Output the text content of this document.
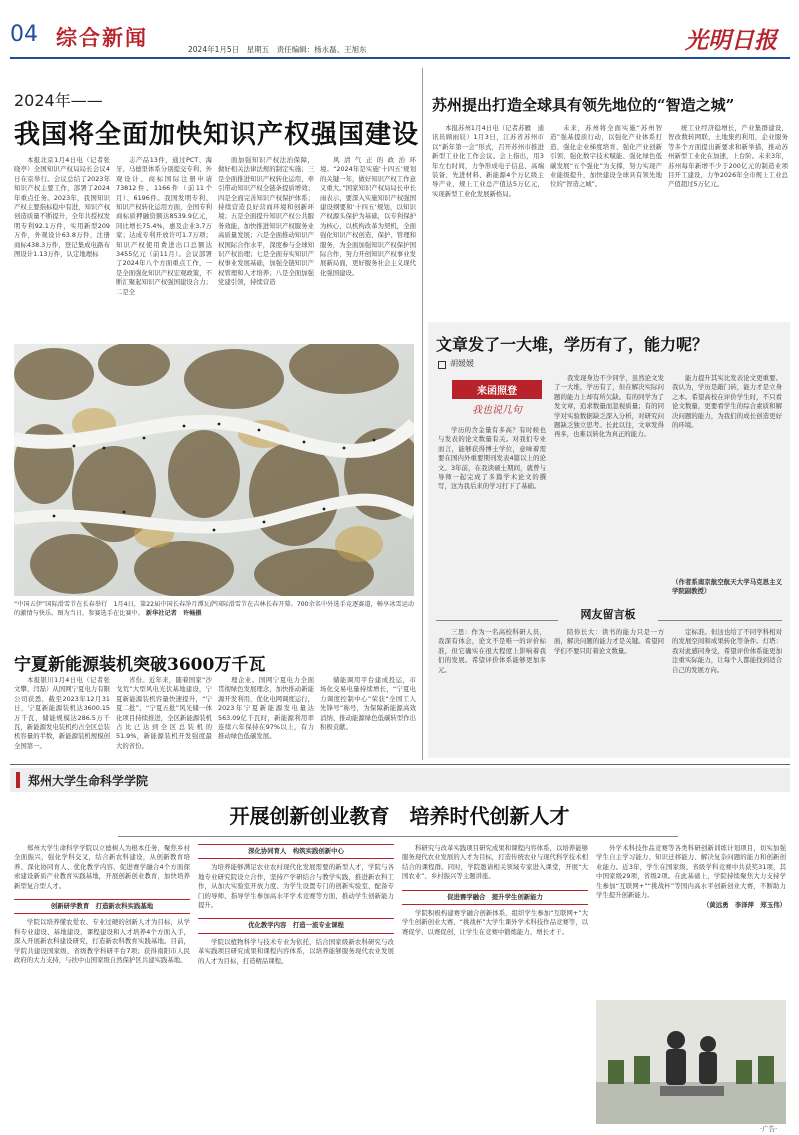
04 综合新闻	2024年1月5日　星期五　责任编辑：杨永磊、王旭东	光明日报
2024年——
我国将全面加快知识产权强国建设

本报北京1月4日电（记者张晓亭）全国知识产权局局长会议4日在京举行。会议总结了2023年知识产权主要工作，部署了2024年重点任务。2023年，我国知识产权主要指标稳中有进，知识产权创造质量不断提升，全年共授权发明专利92.1万件，实用新型209万件，外观设计63.8万件，注册商标438.3万件，登记集成电路布图设计1.13万件，认定地理标

志产品13件，通过PCT、海牙、马德里体系分别提交专利、外观设计、商标国际注册申请73812件、1166件（前11个月）、6196件。我国发明专利、知识产权转化运用方面，全国专利商标质押融资额达8539.9亿元，同比增长75.4%，惠及企业3.7万家；达成专利开放许可1.7万项；知识产权使用费进出口总额达3455亿元（前11月）。会议部署了2024年八个方面重点工作，一是全面强化知识产权宏观政策，不断汇聚起知识产权强国建设合力；二是全

面加强知识产权法治保障，做好相关法律法规的制定实施；三是全面推进知识产权转化运用，牵引带动知识产权全链条提质增效；四是全面完善知识产权保护体系；持续营造良好营商环境和创新环境；五是全面提升知识产权公共服务效能，加快推进知识产权服务业高质量发展；六是全面推动知识产权国际合作水平，深度参与全球知识产权治理；七是全面夯实知识产权事业发展基础，加强全链知识产权管理和人才培养；八是全面加强党建引领，持续营造

风清气正的政治环境。“2024年是实施‘十四五’规划的关键一年，做好知识产权工作意义重大。”国家知识产权局局长申长雨表示，要深入实施知识产权强国建设纲要和‘十四五’规划，以知识产权源头保护为基础，以专利保护为核心，以机构改革为契机，全面强化知识产权创造、保护、管理和服务，为全面加强知识产权保护国际合作，努力开创知识产权事业发展新局面，更好服务社会主义现代化强国建设。

“中国五伊”国际滑雪节在长春举行　1月4日，第22届中国长春净月潭瓦萨国际滑雪节在吉林长春开幕。700余名中外选手竞逐赛道，畅享冰雪运动的激情与快乐。图为当日，参赛选手在比赛中。 新华社记者　许畅摄
宁夏新能源装机突破3600万千瓦

本报银川1月4日电（记者张文攀、闫磊）从国网宁夏电力有限公司获悉，截至2023年12月31日，宁夏新能源装机达3600.15万千瓦，储能规模达286.5万千瓦，新能源发电装机约占全区总装机容量的半数，新能源装机规模创全国第一。

省份。近年来，随着国家“沙戈荒”大型风电光伏基地建设，宁夏新能源装机容量快速提升，“宁夏二批”、“宁夏五批”风光储一体化项目持续推进，全区新能源装机占比已达到全区总装机的51.9%，新能源装机开发强度最大的省份。

理企业。国网宁夏电力全面贯彻绿色发展理念，加快推动新能源开发利用，优化电网调度运行，2023年宁夏新能源发电量达563.09亿千瓦时，新能源利用率连续六年保持在97%以上，有力推动绿色低碳发展。

储能调用平台建成投运，市场化交易电量持续增长，“宁夏电力调度控制中心”荣获“全国工人先锋号”称号，为保障新能源高效消纳、推动能源绿色低碳转型作出积极贡献。

苏州提出打造全球具有领先地位的“智造之城”

本报苏州1月4日电（记者苏雁　通讯员顾雨辰）1月3日，江苏省苏州市以“新年第一会”形式，召开苏州市推进新型工业化工作会议。会上指出，用3年左右时间，力争形成电子信息、高端装备、先进材料、新能源4个万亿级主导产业，规上工业总产值达5万亿元，实现新型工业化发展新格局。

未来，苏州将全面实施“苏州智造”强基提质行动，以强化产业体系打造、强化企业梯度培育、强化产业创新引领、强化数字技术赋能、强化绿色低碳发展“五个强化”为支撑，努力实现产业能级提升，加快建设全球具有领先地位的“智造之城”。

统工业经济稳增长，产业集群建设，智改数转网联，土地集约利用，企业服务等多个方面提出新要求和新举措，推动苏州新型工业化在加速，上台阶。未来3年，苏州每年新增不少于200亿元的制造业项目开工建设，力争2026年全市规上工业总产值超过5万亿元。

文章发了一大堆，学历有了，能力呢？
胡媛媛
来函照登
我也说几句

学历的含金量有多高？有时候也与发表的论文数量有关。对我们专业而言，能够获得博士学位，意味着需要在国内外重要期刊发表4篇以上的论文。3年前，在我读硕士期间，就曾与导师一起完成了多篇学术论文的撰写，这为我后来的学习打下了基础。

我发现身边不少同学，虽然论文发了一大堆，学历有了，但在解决实际问题的能力上却有所欠缺。有的同学为了发文章，追求数量而忽视质量；有的同学对实验数据缺乏深入分析，对研究问题缺乏独立思考。长此以往，文章发得再多，也难以转化为真正的能力。

能力提升其实比发表论文更重要。我认为，学历是敲门砖，能力才是立身之本。希望高校在评价学生时，不只看论文数量，更要看学生的综合素质和解决问题的能力，为我们的成长创造更好的环境。

（作者系南京航空航天大学马克思主义学院副教授）
网友留言板

三思：作为一名高校科研人员，我深有体会，论文不是唯一的评价标准，但它确实在很大程度上影响着我们的发展。希望评价体系能够更加多元。

陪你长大：读书的能力只是一方面，解决问题的能力才是关键。希望同学们不要只盯着论文数量。

定标准。但这也给了不同学科相对的发展空间和成果转化等条件。灯塔：我对此感同身受，希望评价体系能更加注重实际能力，让每个人都能找到适合自己的发展方向。

郑州大学生命科学学院
开展创新创业教育　培养时代创新人才

郑州大学生命科学学院以立德树人为根本任务，聚焦乡村全面振兴，强化学科交叉，结合新农科建设，从创新教育培养、深化协同育人、优化教学内容、促进赛学融合4个方面探索建设新质产业教育实践基地，开展创新创业教育，加快培养新型复合型人才。

创新研学教育　打造新农科实践基地

学院以培养懂农爱农、专业过硬的创新人才为目标，从学科专业建设、基地建设、课程建设和人才培养4个方面入手，深入开展新农科建设研究，打造新农科教育实践基地。目前，学院共建设国家级、省级教学科研平台7项；获得南阳市人民政府的大力支持，与扶中山国家级自然保护区共建实践基地。

深化协同育人　构筑实践创新中心

为培养能够满足农业农村现代化发展需要的新型人才，学院与各地专业研究院设立合作，坚持产学研结合与教学实践，推进新农科工作，从加大实验室开放力度、为学生设置专门的创新实验室、配备专门的导师、指导学生参加高水平学术竞赛等方面，推动学生创新能力提升。

优化教学内容　打造一流专业课程

学院以植物科学与技术专业为依托，结合国家级新农科研究与改革实践项目研究成果和课程内容体系，以培养能够服务现代农业发展的人才为目标，打造精品课程。

科研究与改革实践项目研究成果和课程内容体系，以培养能够服务现代农业发展的人才为目标，打造传统农业与现代科学技术相结合的课程群。同时，学院邀请相关领域专家进入课堂，开展“大国农业”、乡村振兴等主题讲座。

促进赛学融合　提升学生创新能力

学院积极构建赛学融合创新体系，组织学生参加“互联网+”大学生创新创业大赛、“挑战杯”大学生课外学术科技作品竞赛等，以赛促学、以赛促创，让学生在竞赛中锻炼能力、增长才干。

外学术科技作品竞赛等各类科研创新训练计划项目，切实加强学生自主学习能力、知识迁移能力、解决复杂问题的能力和创新创业能力。近3年，学生在国家级、省级学科竞赛中共获奖31项，其中国家级29项，省级2项。在此基础上，学院持续聚焦大力支持学生参加“互联网+”“挑战杯”等国内高水平创新创业大赛，不断助力学生提升创新能力。

（黄远勇　李泽萍　郑玉伟）
·广告·
